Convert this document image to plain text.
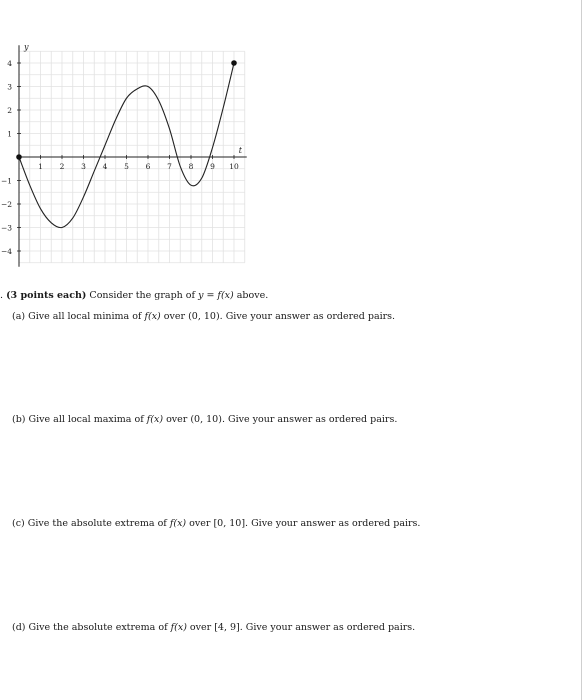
1 2 3 4 5 6 7 8 9 10
4
3
2
1
−1
−2
−3
−4
y
t
. (3 points each) Consider the graph of y = f(x) above.
(a) Give all local minima of f(x) over (0, 10). Give your answer as ordered pairs.
(b) Give all local maxima of f(x) over (0, 10). Give your answer as ordered pairs.
(c) Give the absolute extrema of f(x) over [0, 10]. Give your answer as ordered pairs.
(d) Give the absolute extrema of f(x) over [4, 9]. Give your answer as ordered pairs.
